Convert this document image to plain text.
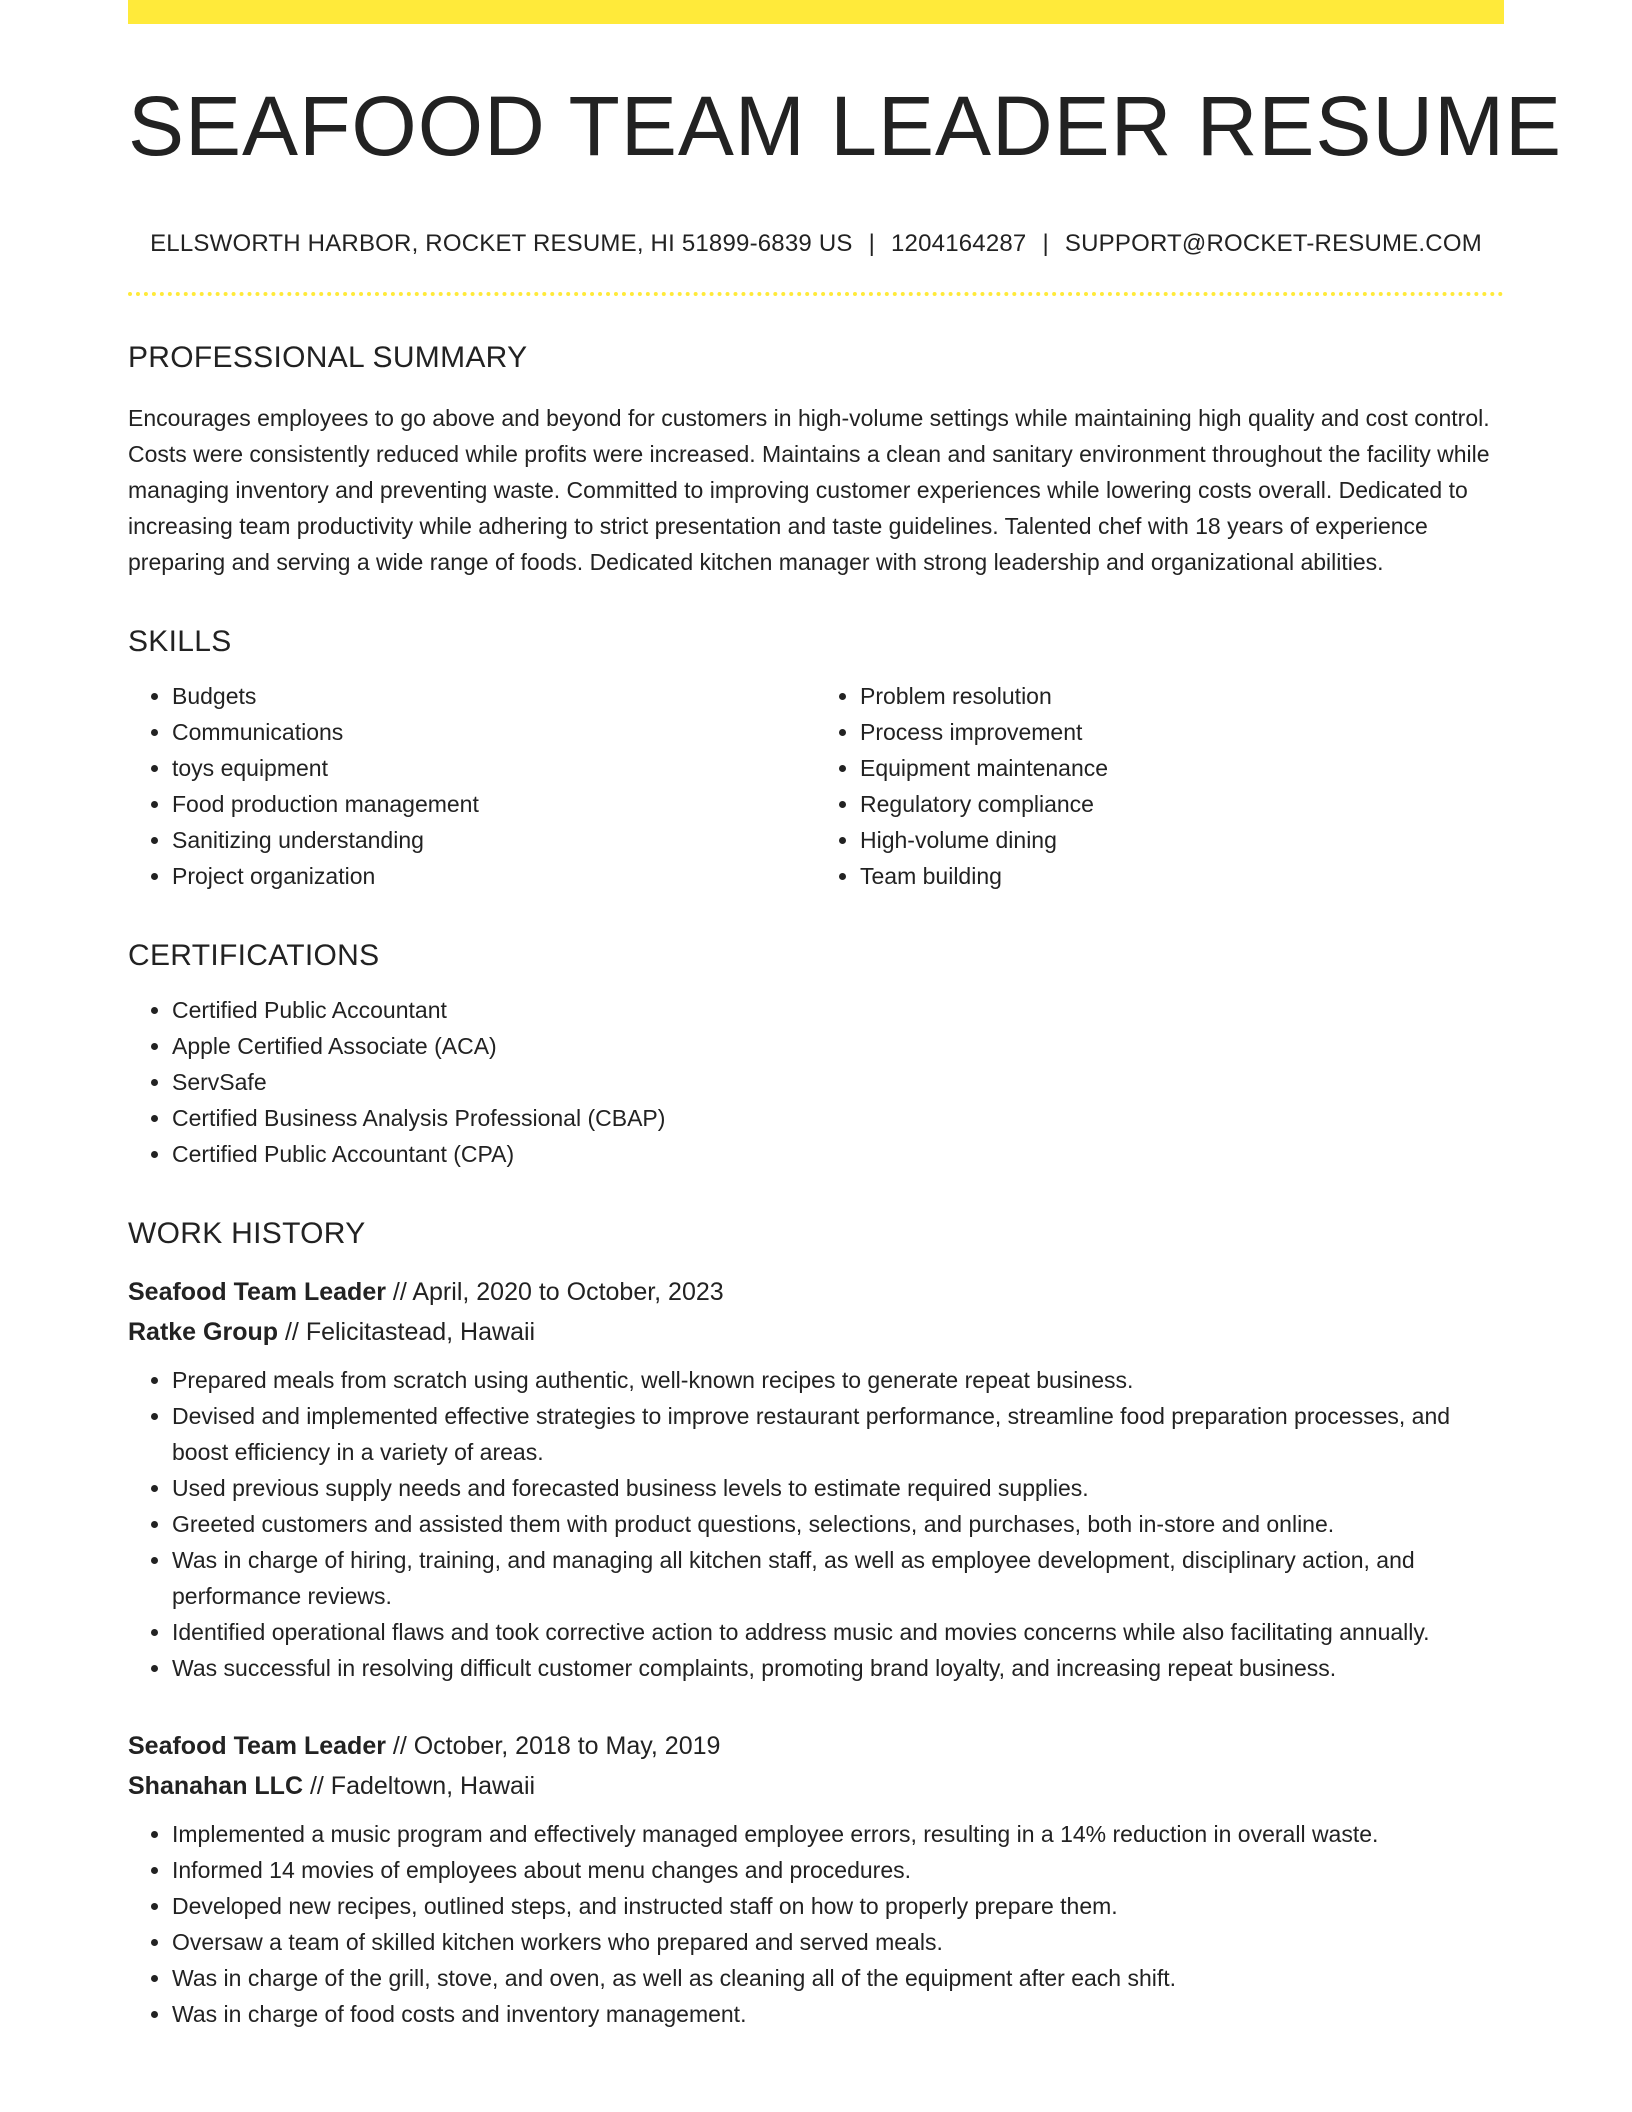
SEAFOOD TEAM LEADER RESUME
ELLSWORTH HARBOR, ROCKET RESUME, HI 51899-6839 US | 1204164287 | SUPPORT@ROCKET-RESUME.COM
PROFESSIONAL SUMMARY
Encourages employees to go above and beyond for customers in high-volume settings while maintaining high quality and cost control. Costs were consistently reduced while profits were increased. Maintains a clean and sanitary environment throughout the facility while managing inventory and preventing waste. Committed to improving customer experiences while lowering costs overall. Dedicated to increasing team productivity while adhering to strict presentation and taste guidelines. Talented chef with 18 years of experience preparing and serving a wide range of foods. Dedicated kitchen manager with strong leadership and organizational abilities.
SKILLS
• Budgets
• Communications
• toys equipment
• Food production management
• Sanitizing understanding
• Project organization
• Problem resolution
• Process improvement
• Equipment maintenance
• Regulatory compliance
• High-volume dining
• Team building
CERTIFICATIONS
• Certified Public Accountant
• Apple Certified Associate (ACA)
• ServSafe
• Certified Business Analysis Professional (CBAP)
• Certified Public Accountant (CPA)
WORK HISTORY
Seafood Team Leader // April, 2020 to October, 2023
Ratke Group // Felicitastead, Hawaii
• Prepared meals from scratch using authentic, well-known recipes to generate repeat business.
• Devised and implemented effective strategies to improve restaurant performance, streamline food preparation processes, and boost efficiency in a variety of areas.
• Used previous supply needs and forecasted business levels to estimate required supplies.
• Greeted customers and assisted them with product questions, selections, and purchases, both in-store and online.
• Was in charge of hiring, training, and managing all kitchen staff, as well as employee development, disciplinary action, and performance reviews.
• Identified operational flaws and took corrective action to address music and movies concerns while also facilitating annually.
• Was successful in resolving difficult customer complaints, promoting brand loyalty, and increasing repeat business.
Seafood Team Leader // October, 2018 to May, 2019
Shanahan LLC // Fadeltown, Hawaii
• Implemented a music program and effectively managed employee errors, resulting in a 14% reduction in overall waste.
• Informed 14 movies of employees about menu changes and procedures.
• Developed new recipes, outlined steps, and instructed staff on how to properly prepare them.
• Oversaw a team of skilled kitchen workers who prepared and served meals.
• Was in charge of the grill, stove, and oven, as well as cleaning all of the equipment after each shift.
• Was in charge of food costs and inventory management.
